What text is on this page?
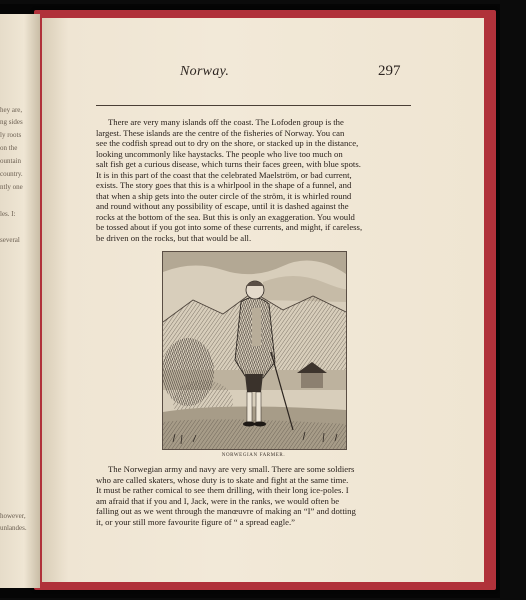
hey are,
ng sides
ly roots
on the
ountain
country.
ntly one
les. I:
several
however,
unlandes.
Norway.	297

There are very many islands off the coast. The Lofoden group is the
largest. These islands are the centre of the fisheries of Norway. You can
see the codfish spread out to dry on the shore, or stacked up in the distance,
looking uncommonly like haystacks. The people who live too much on
salt fish get a curious disease, which turns their faces green, with blue spots.
It is in this part of the coast that the celebrated Maelström, or bad current,
exists. The story goes that this is a whirlpool in the shape of a funnel, and
that when a ship gets into the outer circle of the ström, it is whirled round
and round without any possibility of escape, until it is dashed against the
rocks at the bottom of the sea. But this is only an exaggeration. You would
be tossed about if you got into some of these currents, and might, if careless,
be driven on the rocks, but that would be all.

NORWEGIAN FARMER.

The Norwegian army and navy are very small. There are some soldiers
who are called skaters, whose duty is to skate and fight at the same time.
It must be rather comical to see them drilling, with their long ice-poles. I
am afraid that if you and I, Jack, were in the ranks, we would often be
falling out as we went through the manœuvre of making an “I” and dotting
it, or your still more favourite figure of “ a spread eagle.”
